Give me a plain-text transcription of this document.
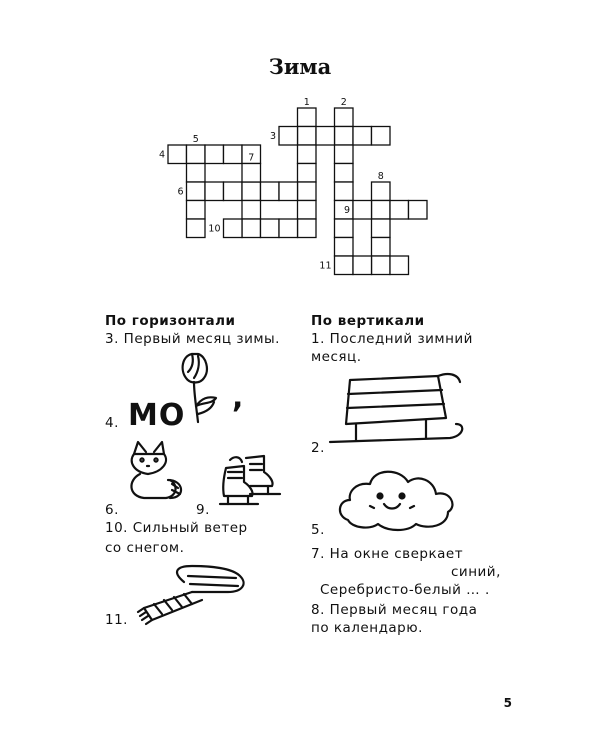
Зима
1	2
3
4
5
6
7
8
9
10
11
По горизонтали
3. Первый месяц зимы.
4. МО
,
6.	9.
10. Сильный ветер
со снегом.
11.
По вертикали
1. Последний зимний
месяц.
2.
5.
7. На окне сверкает
синий,
Серебристо-белый … .
8. Первый месяц года
по календарю.
5
